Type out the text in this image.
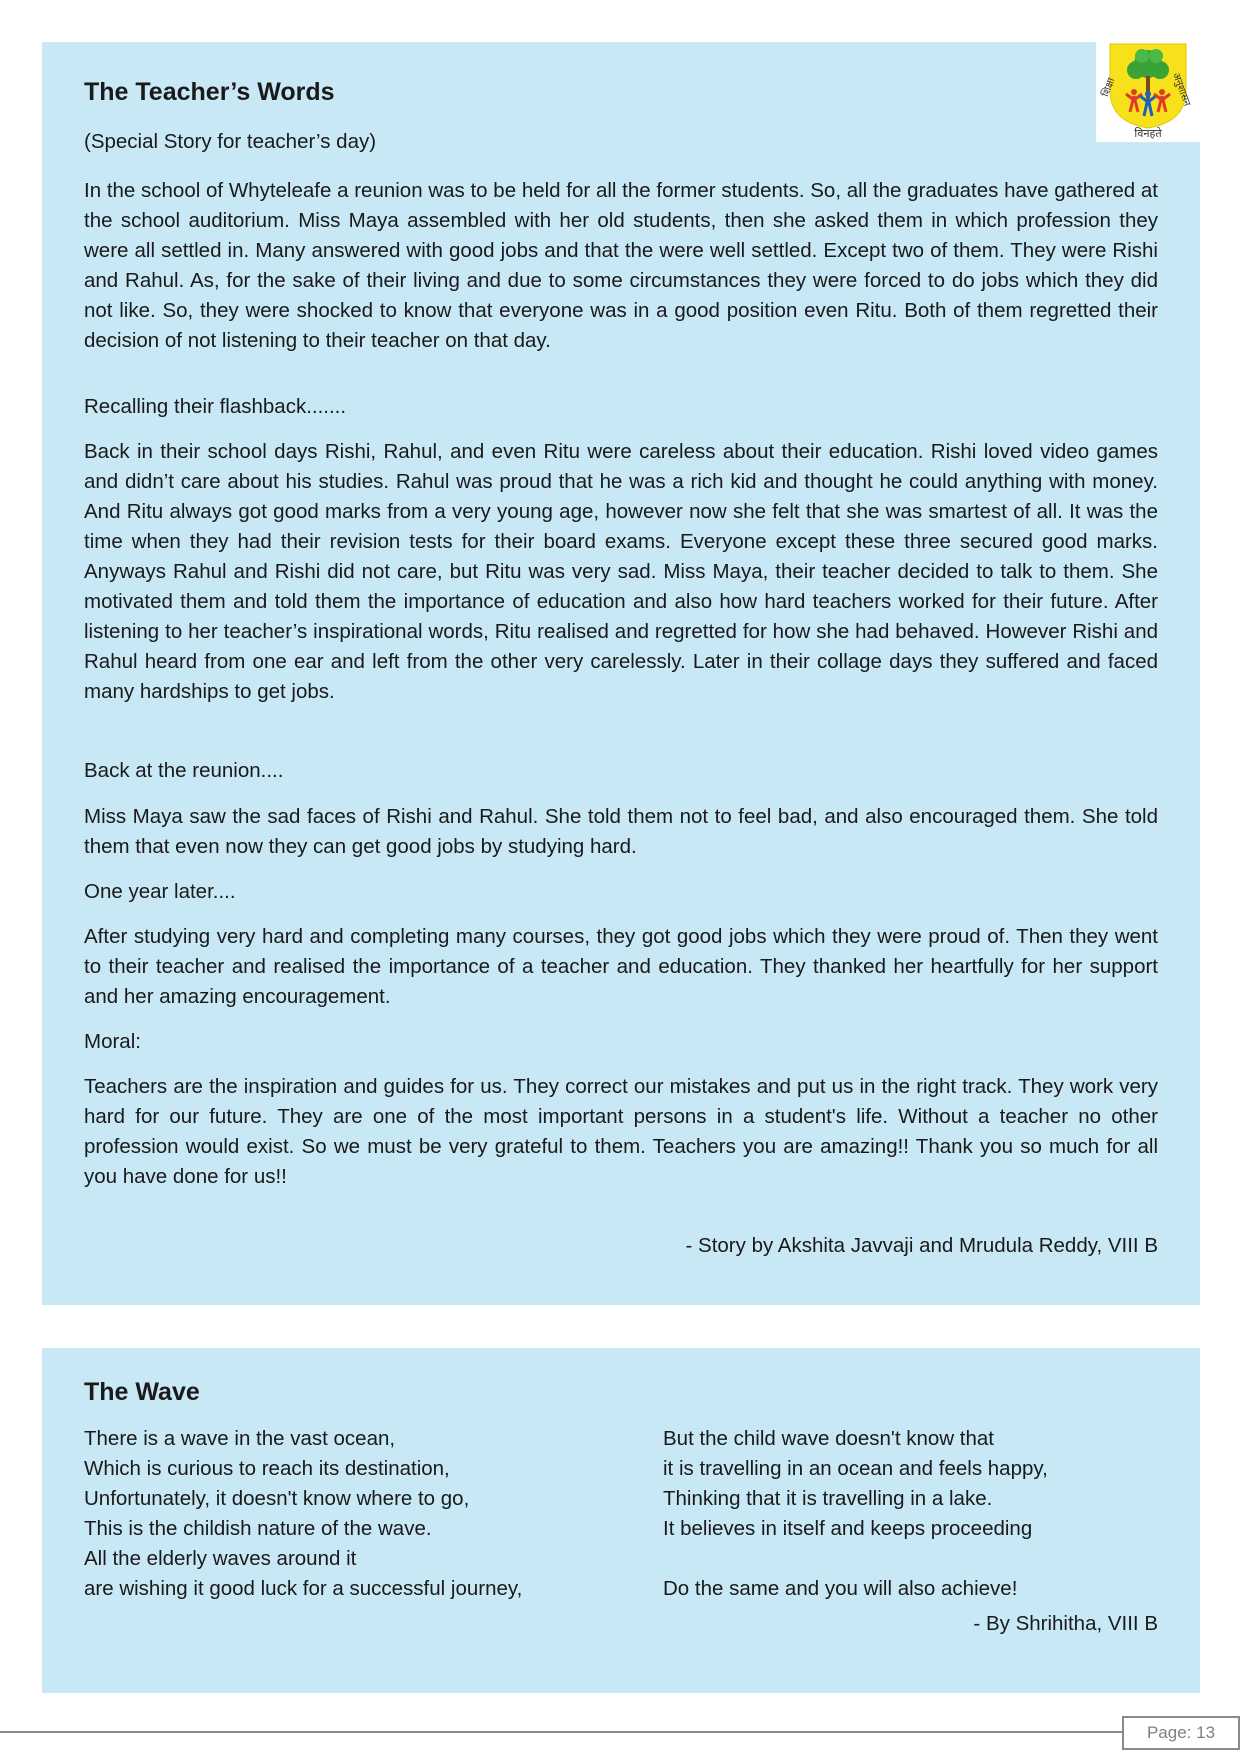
The Teacher’s Words
(Special Story for teacher’s day)

In the school of Whyteleafe a reunion was to be held for all the former students. So, all the graduates have gathered at the school auditorium. Miss Maya assembled with her old students, then she asked them in which profession they were all settled in. Many answered with good jobs and that the were well settled. Except two of them. They were Rishi and Rahul. As, for the sake of their living and due to some circumstances they were forced to do jobs which they did not like. So, they were shocked to know that everyone was in a good position even Ritu. Both of them regretted their decision of not listening to their teacher on that day.

Recalling their flashback.......

Back in their school days Rishi, Rahul, and even Ritu were careless about their education. Rishi loved video games and didn’t care about his studies. Rahul was proud that he was a rich kid and thought he could anything with money. And Ritu always got good marks from a very young age, however now she felt that she was smartest of all. It was the time when they had their revision tests for their board exams. Everyone except these three secured good marks. Anyways Rahul and Rishi did not care, but Ritu was very sad. Miss Maya, their teacher decided to talk to them. She motivated them and told them the importance of education and also how hard teachers worked for their future. After listening to her teacher’s inspirational words, Ritu realised and regretted for how she had behaved. However Rishi and Rahul heard from one ear and left from the other very carelessly. Later in their collage days they suffered and faced many hardships to get jobs.

Back at the reunion....

Miss Maya saw the sad faces of Rishi and Rahul. She told them not to feel bad, and also encouraged them. She told them that even now they can get good jobs by studying hard.

One year later....

After studying very hard and completing many courses, they got good jobs which they were proud of. Then they went to their teacher and realised the importance of a teacher and education. They thanked her heartfully for her support and her amazing encouragement.

Moral:

Teachers are the inspiration and guides for us. They correct our mistakes and put us in the right track. They work very hard for our future. They are one of the most important persons in a student's life. Without a teacher no other profession would exist. So we must be very grateful to them. Teachers you are amazing!! Thank you so much for all you have done for us!!

- Story by Akshita Javvaji and Mrudula Reddy, VIII B
शिक्षा	अनुशासन
विनहते
The Wave
There is a wave in the vast ocean,
Which is curious to reach its destination,
Unfortunately, it doesn't know where to go,
This is the childish nature of the wave.
All the elderly waves around it
are wishing it good luck for a successful journey,
But the child wave doesn't know that
it is travelling in an ocean and feels happy,
Thinking that it is travelling in a lake.
It believes in itself and keeps proceeding
Do the same and you will also achieve!
- By Shrihitha, VIII B
Page: 13
